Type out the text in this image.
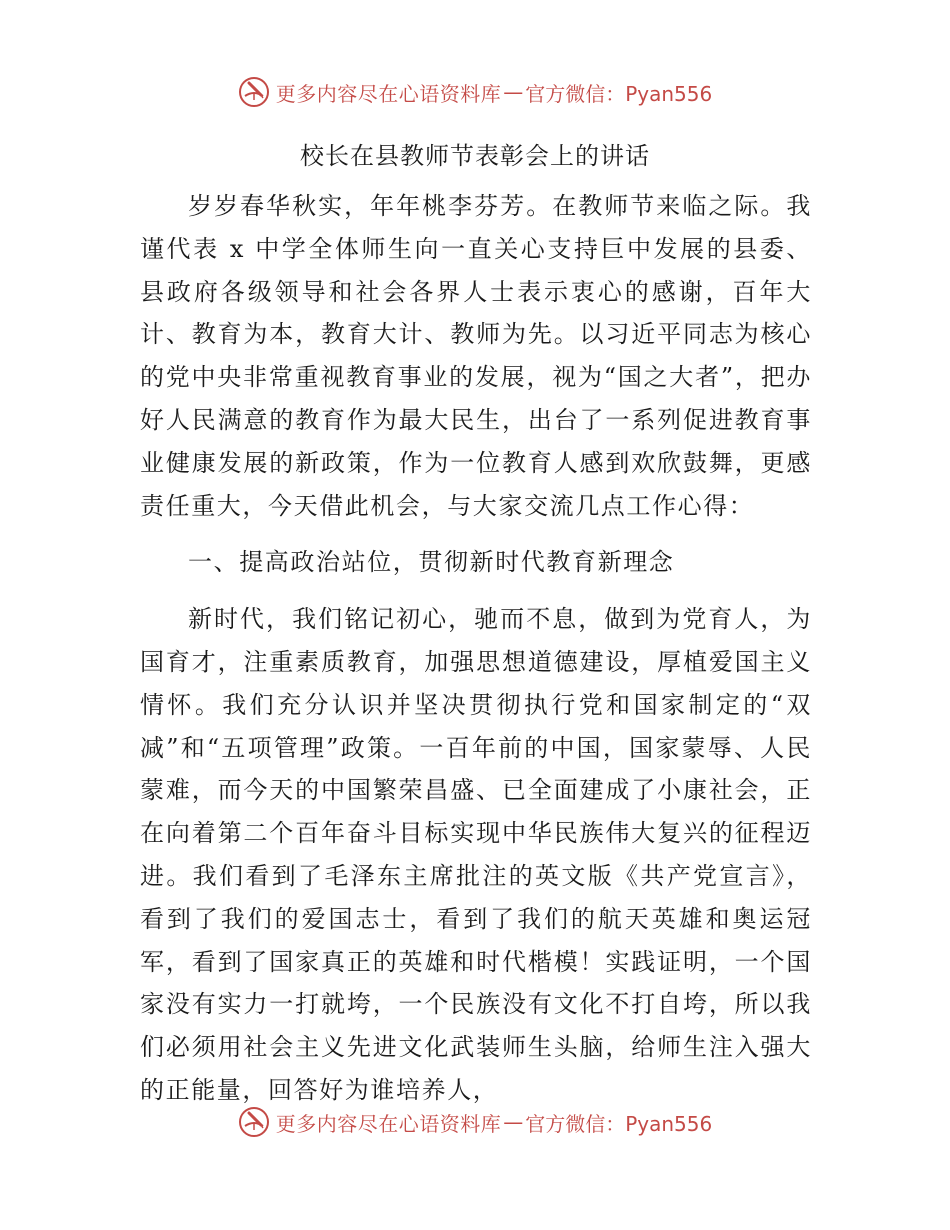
更多内容尽在心语资料库 — 官方微信：Pyan556
校长在县教师节表彰会上的讲话

岁岁春华秋实，年年桃李芬芳。在教师节来临之际。我谨代表 x 中学全体师生向一直关心支持巨中发展的县委、县政府各级领导和社会各界人士表示衷心的感谢，百年大计、教育为本，教育大计、教师为先。以习近平同志为核心的党中央非常重视教育事业的发展，视为“国之大者”，把办好人民满意的教育作为最大民生，出台了一系列促进教育事业健康发展的新政策，作为一位教育人感到欢欣鼓舞，更感责任重大，今天借此机会，与大家交流几点工作心得：

一、提高政治站位，贯彻新时代教育新理念

新时代，我们铭记初心，驰而不息，做到为党育人，为国育才，注重素质教育，加强思想道德建设，厚植爱国主义情怀。我们充分认识并坚决贯彻执行党和国家制定的“双减”和“五项管理”政策。一百年前的中国，国家蒙辱、人民蒙难，而今天的中国繁荣昌盛、已全面建成了小康社会，正在向着第二个百年奋斗目标实现中华民族伟大复兴的征程迈进。我们看到了毛泽东主席批注的英文版《共产党宣言》，看到了我们的爱国志士，看到了我们的航天英雄和奥运冠军，看到了国家真正的英雄和时代楷模！实践证明，一个国家没有实力一打就垮，一个民族没有文化不打自垮，所以我们必须用社会主义先进文化武装师生头脑，给师生注入强大的正能量，回答好为谁培养人，

更多内容尽在心语资料库 — 官方微信：Pyan556
